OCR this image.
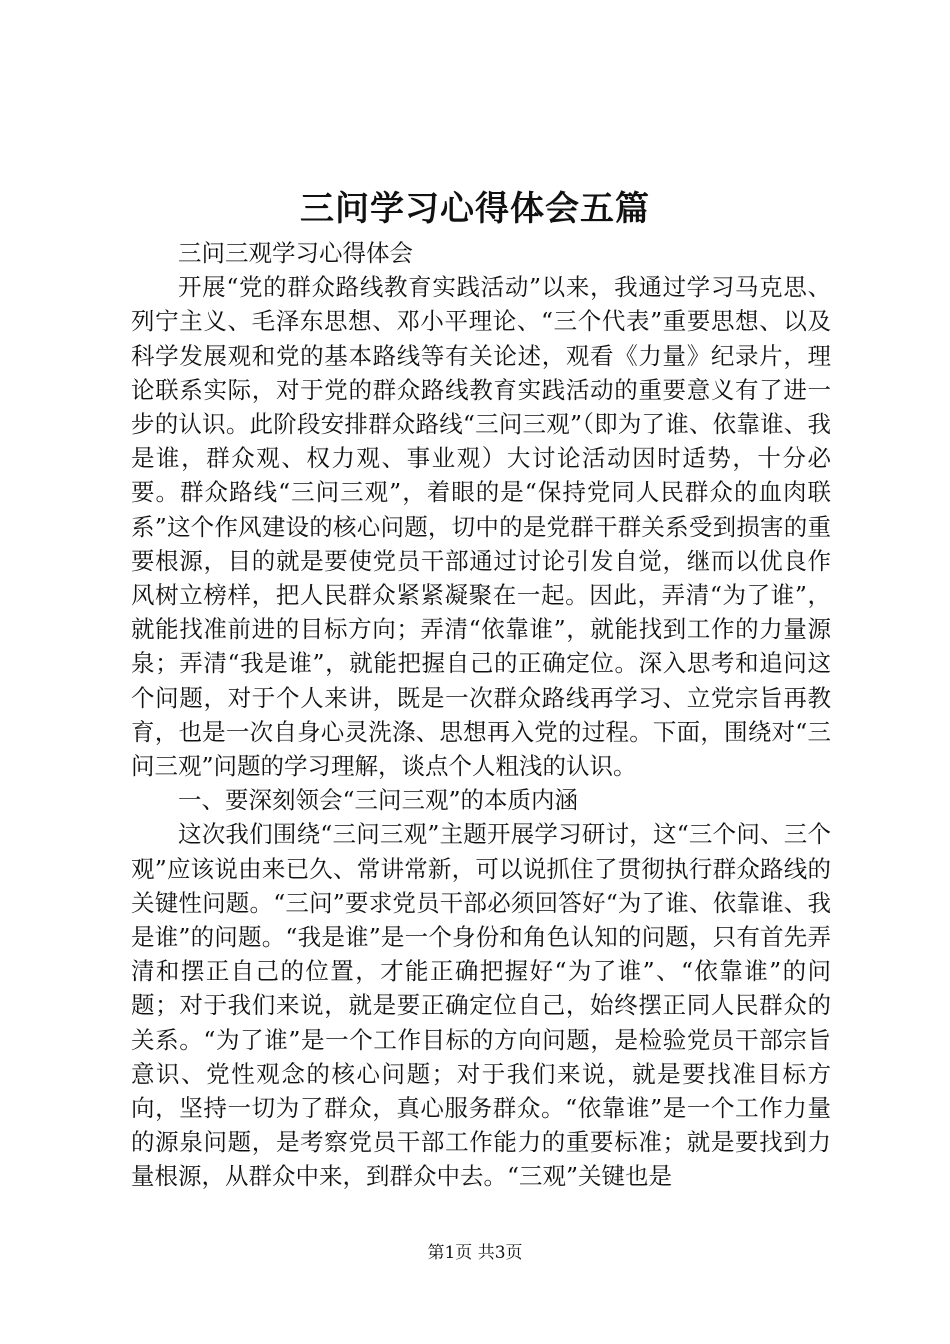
三问学习心得体会五篇

三问三观学习心得体会

开展“党的群众路线教育实践活动”以来，我通过学习马克思、列宁主义、毛泽东思想、邓小平理论、“三个代表”重要思想、以及科学发展观和党的基本路线等有关论述，观看《力量》纪录片，理论联系实际，对于党的群众路线教育实践活动的重要意义有了进一步的认识。此阶段安排群众路线“三问三观”（即为了谁、依靠谁、我是谁，群众观、权力观、事业观）大讨论活动因时适势，十分必要。群众路线“三问三观”，着眼的是“保持党同人民群众的血肉联系”这个作风建设的核心问题，切中的是党群干群关系受到损害的重要根源，目的就是要使党员干部通过讨论引发自觉，继而以优良作风树立榜样，把人民群众紧紧凝聚在一起。因此，弄清“为了谁”，就能找准前进的目标方向；弄清“依靠谁”，就能找到工作的力量源泉；弄清“我是谁”，就能把握自己的正确定位。深入思考和追问这个问题，对于个人来讲，既是一次群众路线再学习、立党宗旨再教育，也是一次自身心灵洗涤、思想再入党的过程。下面，围绕对“三问三观”问题的学习理解，谈点个人粗浅的认识。

一、要深刻领会“三问三观”的本质内涵

这次我们围绕“三问三观”主题开展学习研讨，这“三个问、三个观”应该说由来已久、常讲常新，可以说抓住了贯彻执行群众路线的关键性问题。“三问”要求党员干部必须回答好“为了谁、依靠谁、我是谁”的问题。“我是谁”是一个身份和角色认知的问题，只有首先弄清和摆正自己的位置，才能正确把握好“为了谁”、“依靠谁”的问题；对于我们来说，就是要正确定位自己，始终摆正同人民群众的关系。“为了谁”是一个工作目标的方向问题，是检验党员干部宗旨意识、党性观念的核心问题；对于我们来说，就是要找准目标方向，坚持一切为了群众，真心服务群众。“依靠谁”是一个工作力量的源泉问题，是考察党员干部工作能力的重要标准；就是要找到力量根源，从群众中来，到群众中去。“三观”关键也是

第1页 共3页
